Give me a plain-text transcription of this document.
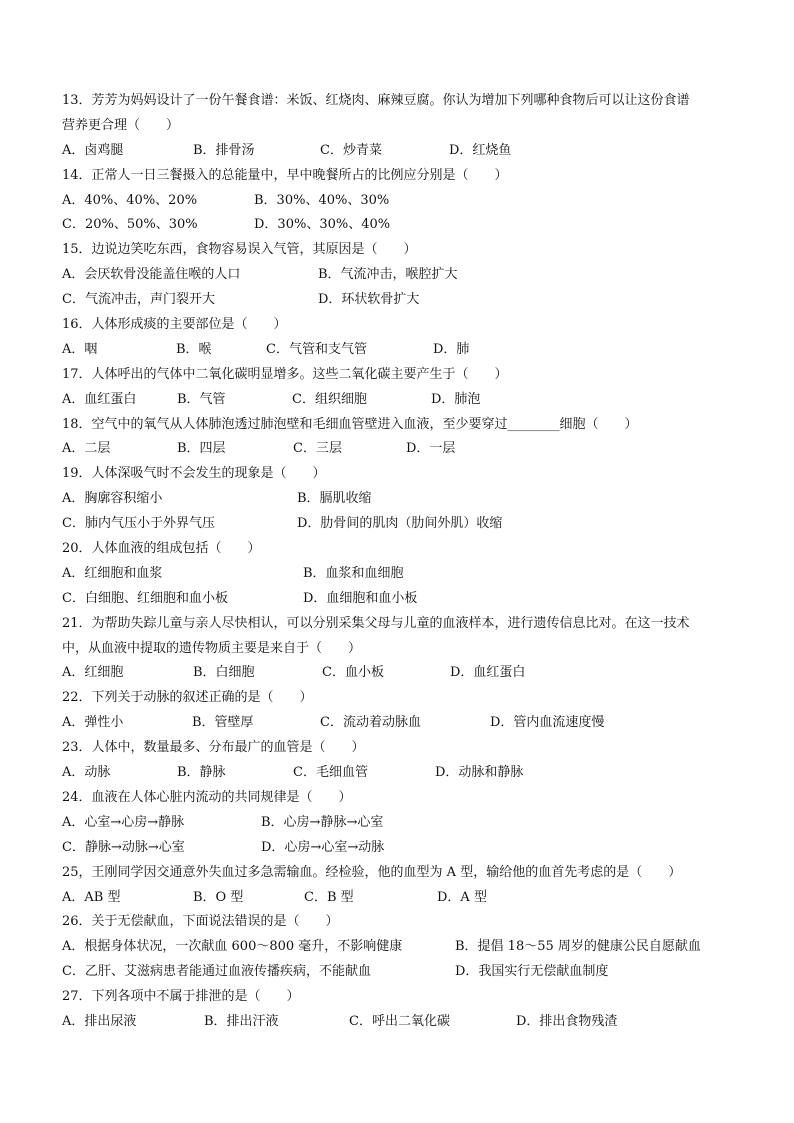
13．芳芳为妈妈设计了一份午餐食谱：米饭、红烧肉、麻辣豆腐。你认为增加下列哪种食物后可以让这份食谱
营养更合理（　　）
A．卤鸡腿	B．排骨汤	C．炒青菜	D．红烧鱼
14．正常人一日三餐摄入的总能量中，早中晚餐所占的比例应分别是（　　）
A．40%、40%、20%	B．30%、40%、30%
C．20%、50%、30%	D．30%、30%、40%
15．边说边笑吃东西，食物容易误入气管，其原因是（　　）
A．会厌软骨没能盖住喉的人口	B．气流冲击，喉腔扩大
C．气流冲击，声门裂开大	D．环状软骨扩大
16．人体形成痰的主要部位是（　　）
A．咽	B．喉	C．气管和支气管	D．肺
17．人体呼出的气体中二氧化碳明显增多。这些二氧化碳主要产生于（　　）
A．血红蛋白	B．气管	C．组织细胞	D．肺泡
18．空气中的氧气从人体肺泡透过肺泡壁和毛细血管壁进入血液，至少要穿过________细胞（　　）
A．二层	B．四层	C．三层	D．一层
19．人体深吸气时不会发生的现象是（　　）
A．胸廓容积缩小	B．膈肌收缩
C．肺内气压小于外界气压	D．肋骨间的肌肉（肋间外肌）收缩
20．人体血液的组成包括（　　）
A．红细胞和血浆	B．血浆和血细胞
C．白细胞、红细胞和血小板	D．血细胞和血小板
21．为帮助失踪儿童与亲人尽快相认，可以分别采集父母与儿童的血液样本，进行遗传信息比对。在这一技术
中，从血液中提取的遗传物质主要是来自于（　　）
A．红细胞	B．白细胞	C．血小板	D．血红蛋白
22．下列关于动脉的叙述正确的是（　　）
A．弹性小	B．管壁厚	C．流动着动脉血	D．管内血流速度慢
23．人体中，数量最多、分布最广的血管是（　　）
A．动脉	B．静脉	C．毛细血管	D．动脉和静脉
24．血液在人体心脏内流动的共同规律是（　　）
A．心室→心房→静脉	B．心房→静脉→心室
C．静脉→动脉→心室	D．心房→心室→动脉
25，王刚同学因交通意外失血过多急需输血。经检验，他的血型为 A 型，输给他的血首先考虑的是（　　）
A．AB 型	B．O 型	C．B 型	D．A 型
26．关于无偿献血，下面说法错误的是（　　）
A．根据身体状况，一次献血 600～800 毫升，不影响健康	B．提倡 18～55 周岁的健康公民自愿献血
C．乙肝、艾滋病患者能通过血液传播疾病，不能献血	D．我国实行无偿献血制度
27．下列各项中不属于排泄的是（　　）
A．排出尿液	B．排出汗液	C．呼出二氧化碳	D．排出食物残渣
